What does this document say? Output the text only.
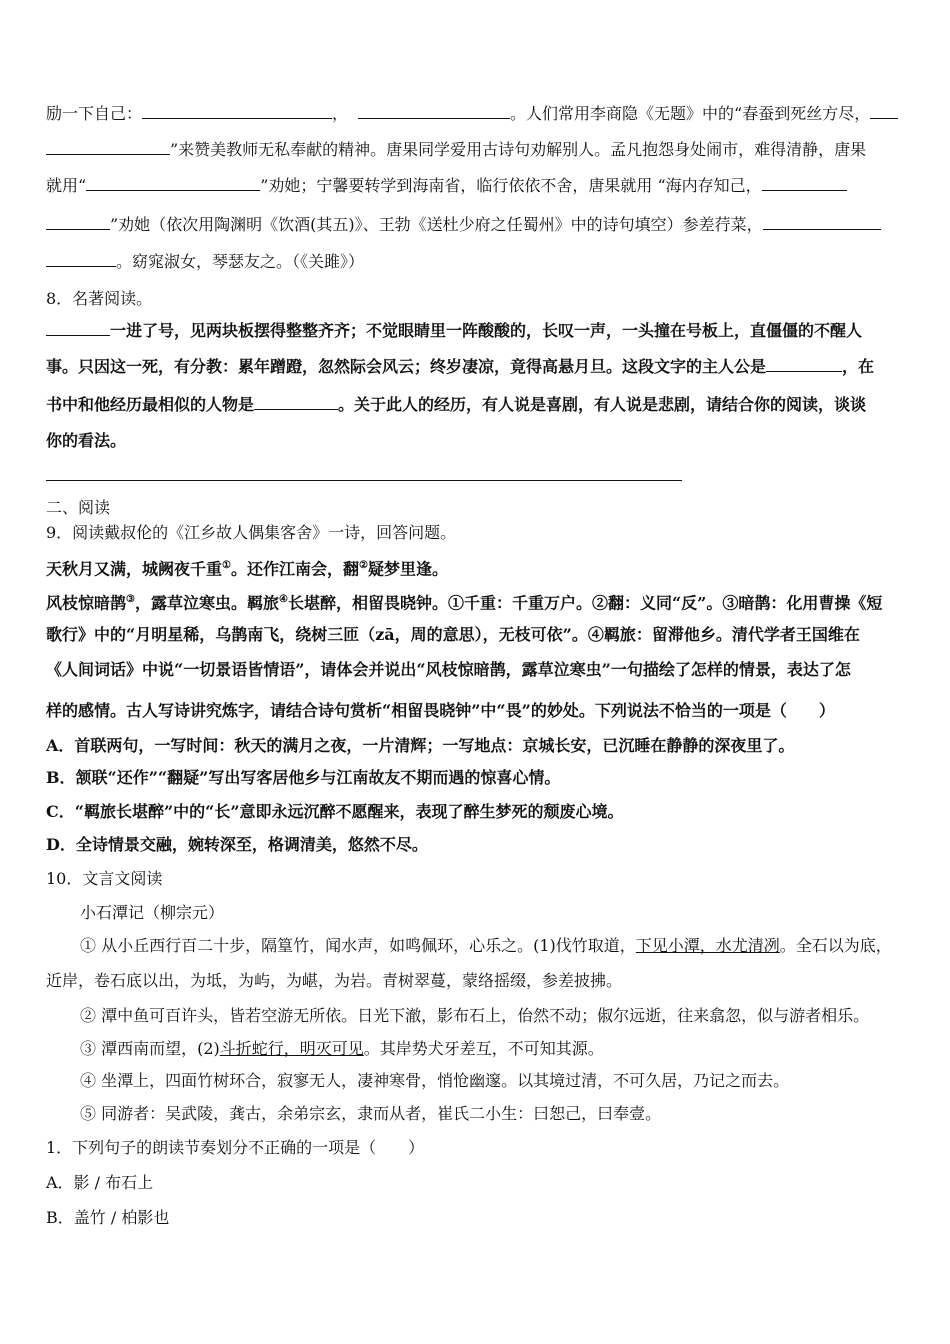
励一下自己：	，	。人们常用李商隐《无题》中的“春蚕到死丝方尽，
”来赞美教师无私奉献的精神。唐果同学爱用古诗句劝解别人。孟凡抱怨身处闹市，难得清静，唐果
就用“	”劝她；宁馨要转学到海南省，临行依依不舍，唐果就用 “海内存知己，
”劝她（依次用陶渊明《饮酒(其五)》、王勃《送杜少府之任蜀州》中的诗句填空）参差荇菜，
。窈窕淑女，琴瑟友之。（《关雎》）
8．名著阅读。
一进了号，见两块板摆得整整齐齐；不觉眼睛里一阵酸酸的，长叹一声，一头撞在号板上，直僵僵的不醒人
事。只因这一死，有分教：累年蹭蹬，忽然际会风云；终岁凄凉，竟得高悬月旦。这段文字的主人公是	，在
书中和他经历最相似的人物是	。关于此人的经历，有人说是喜剧，有人说是悲剧，请结合你的阅读，谈谈
你的看法。
二、阅读
9．阅读戴叔伦的《江乡故人偶集客舍》一诗，回答问题。
天秋月又满，城阙夜千重①。还作江南会，翻②疑梦里逢。
风枝惊暗鹊③，露草泣寒虫。羁旅④长堪醉，相留畏晓钟。①千重：千重万户。②翻：义同“反”。③暗鹊：化用曹操《短
歌行》中的“月明星稀，乌鹊南飞，绕树三匝（zā，周的意思），无枝可依”。④羁旅：留滞他乡。清代学者王国维在
《人间词话》中说“一切景语皆情语”，请体会并说出“风枝惊暗鹊，露草泣寒虫”一句描绘了怎样的情景，表达了怎
样的感情。古人写诗讲究炼字，请结合诗句赏析“相留畏晓钟”中“畏”的妙处。下列说法不恰当的一项是（　　）
A．首联两句，一写时间：秋天的满月之夜，一片清辉；一写地点：京城长安，已沉睡在静静的深夜里了。
B．颔联“还作”“翻疑”写出写客居他乡与江南故友不期而遇的惊喜心情。
C．“羁旅长堪醉”中的“长”意即永远沉醉不愿醒来，表现了醉生梦死的颓废心境。
D．全诗情景交融，婉转深至，格调清美，悠然不尽。
10．文言文阅读
小石潭记（柳宗元）
① 从小丘西行百二十步，隔篁竹，闻水声，如鸣佩环，心乐之。(1)伐竹取道，下见小潭，水尤清冽。全石以为底，
近岸，卷石底以出，为坻，为屿，为嵁，为岩。青树翠蔓，蒙络摇缀，参差披拂。
② 潭中鱼可百许头，皆若空游无所依。日光下澈，影布石上，佁然不动；俶尔远逝，往来翕忽，似与游者相乐。
③ 潭西南而望，(2)斗折蛇行，明灭可见。其岸势犬牙差互，不可知其源。
④ 坐潭上，四面竹树环合，寂寥无人，凄神寒骨，悄怆幽邃。以其境过清，不可久居，乃记之而去。
⑤ 同游者：吴武陵，龚古，余弟宗玄，隶而从者，崔氏二小生：曰恕己，曰奉壹。
1．下列句子的朗读节奏划分不正确的一项是（　　）
A．影 / 布石上
B．盖竹 / 柏影也
